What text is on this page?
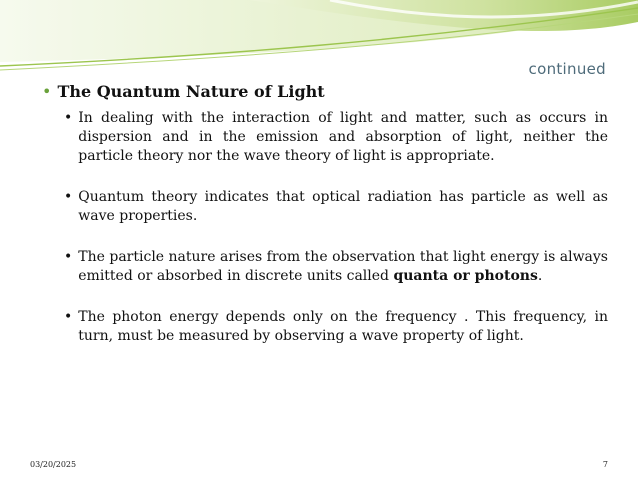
continued
• The Quantum Nature of Light
• In dealing with the interaction of light and matter, such as occurs in dispersion and in the emission and absorption of light, neither the particle theory nor the wave theory of light is appropriate.
• Quantum theory indicates that optical radiation has particle as well as wave properties.
• The particle nature arises from the observation that light energy is always emitted or absorbed in discrete units called quanta or photons.
• The photon energy depends only on the frequency . This frequency, in turn, must be measured by observing a wave property of light.
03/20/2025	7
